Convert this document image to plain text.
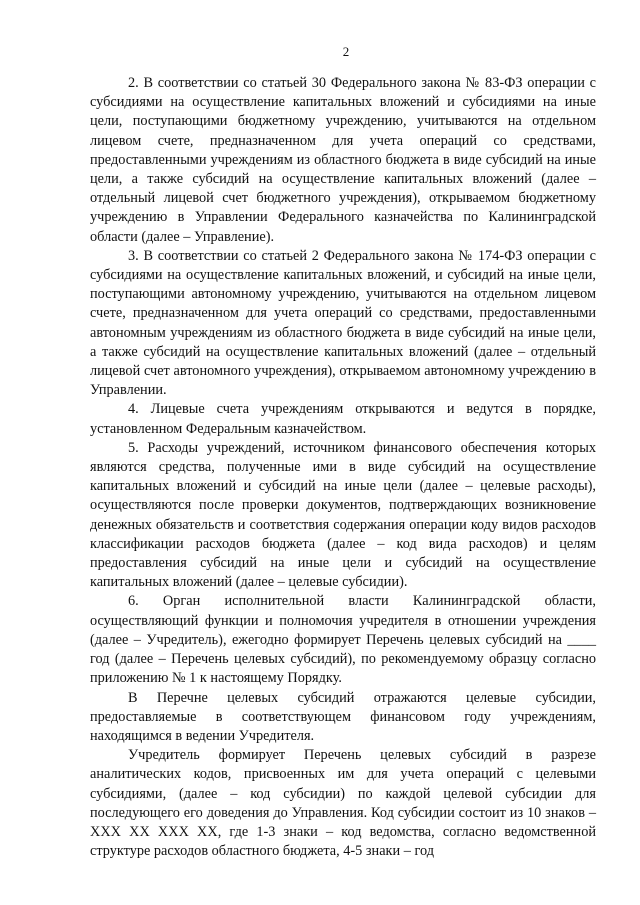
2

2. В соответствии со статьей 30 Федерального закона № 83-ФЗ операции с субсидиями на осуществление капитальных вложений и субсидиями на иные цели, поступающими бюджетному учреждению, учитываются на отдельном лицевом счете, предназначенном для учета операций со средствами, предоставленными учреждениям из областного бюджета в виде субсидий на иные цели, а также субсидий на осуществление капитальных вложений (далее – отдельный лицевой счет бюджетного учреждения), открываемом бюджетному учреждению в Управлении Федерального казначейства по Калининградской области (далее – Управление).

3. В соответствии со статьей 2 Федерального закона № 174-ФЗ операции с субсидиями на осуществление капитальных вложений, и субсидий на иные цели, поступающими автономному учреждению, учитываются на отдельном лицевом счете, предназначенном для учета операций со средствами, предоставленными автономным учреждениям из областного бюджета в виде субсидий на иные цели, а также субсидий на осуществление капитальных вложений (далее – отдельный лицевой счет автономного учреждения), открываемом автономному учреждению в Управлении.

4. Лицевые счета учреждениям открываются и ведутся в порядке, установленном Федеральным казначейством.

5. Расходы учреждений, источником финансового обеспечения которых являются средства, полученные ими в виде субсидий на осуществление капитальных вложений и субсидий на иные цели (далее – целевые расходы), осуществляются после проверки документов, подтверждающих возникновение денежных обязательств и соответствия содержания операции коду видов расходов классификации расходов бюджета (далее – код вида расходов) и целям предоставления субсидий на иные цели и субсидий на осуществление капитальных вложений (далее – целевые субсидии).

6. Орган исполнительной власти Калининградской области, осуществляющий функции и полномочия учредителя в отношении учреждения (далее – Учредитель), ежегодно формирует Перечень целевых субсидий на ____ год (далее – Перечень целевых субсидий), по рекомендуемому образцу согласно приложению № 1 к настоящему Порядку.

В Перечне целевых субсидий отражаются целевые субсидии, предоставляемые в соответствующем финансовом году учреждениям, находящимся в ведении Учредителя.

Учредитель формирует Перечень целевых субсидий в разрезе аналитических кодов, присвоенных им для учета операций с целевыми субсидиями, (далее – код субсидии) по каждой целевой субсидии для последующего его доведения до Управления. Код субсидии состоит из 10 знаков – ХХХ ХХ ХХХ ХХ, где 1-3 знаки – код ведомства, согласно ведомственной структуре расходов областного бюджета, 4-5 знаки – год
